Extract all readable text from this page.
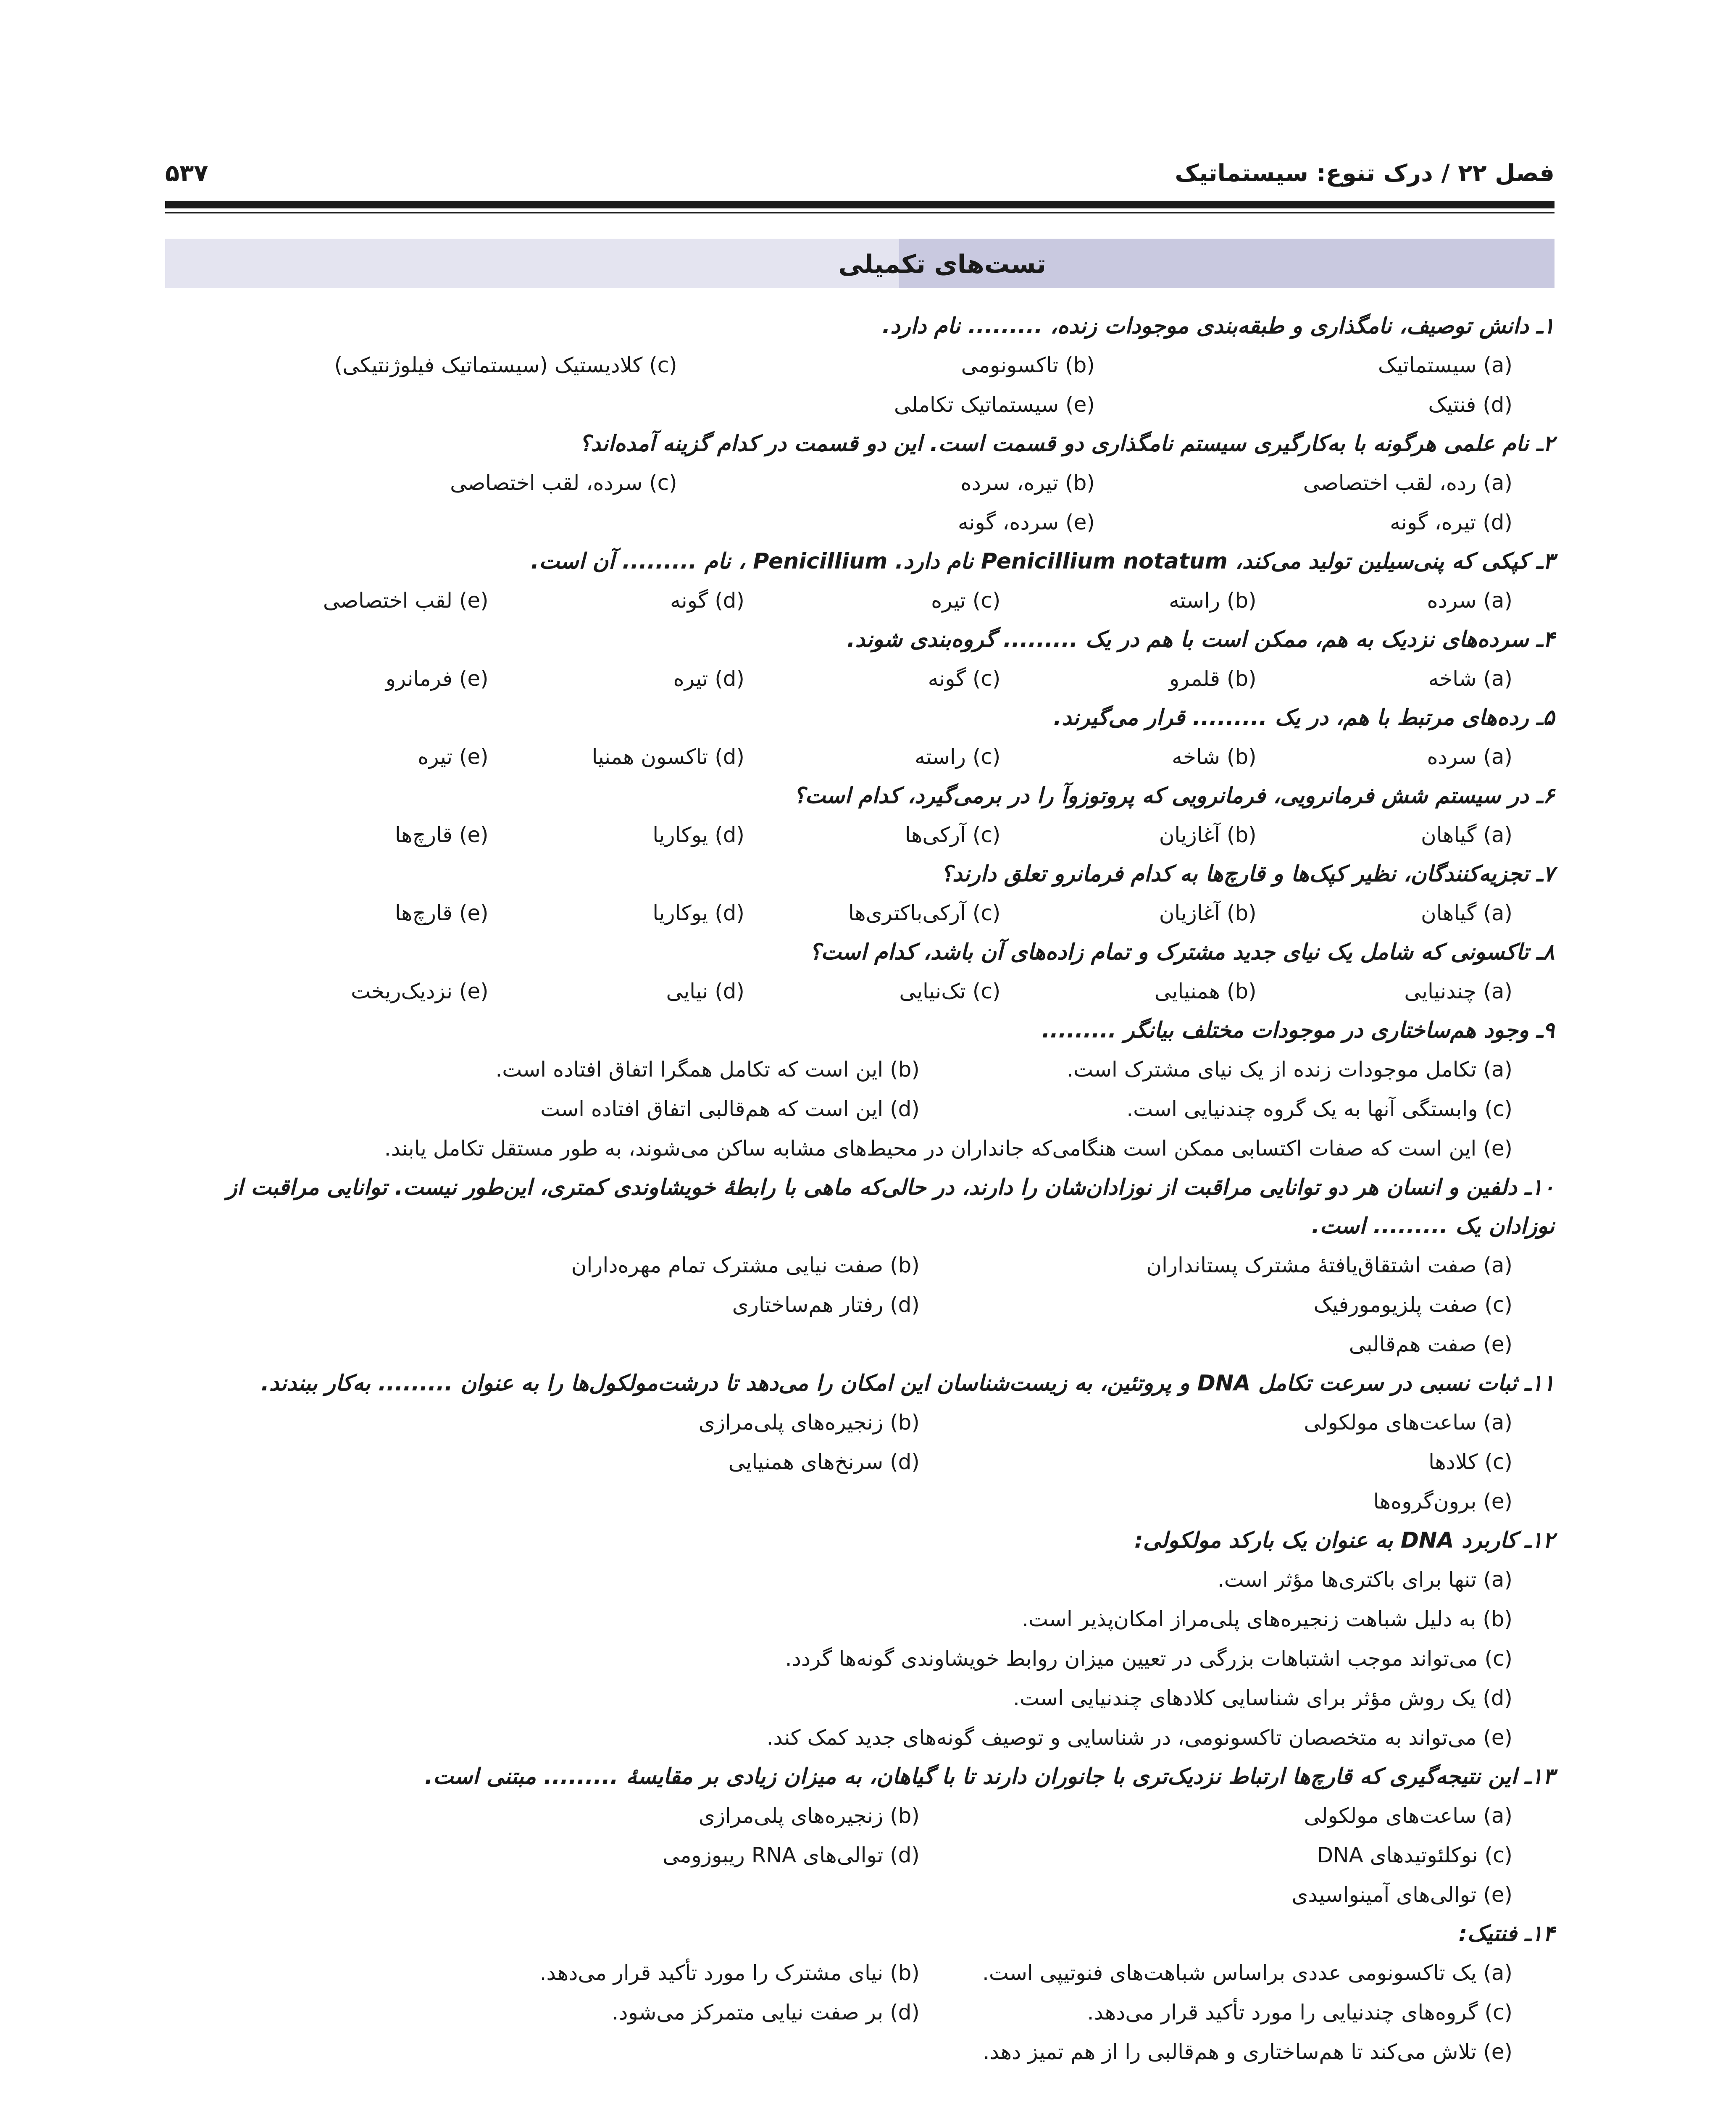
فصل ۲۲ / درک تنوع: سیستماتیک
۵۳۷
تست‌های تکمیلی
۱ـ دانش توصیف، نامگذاری و طبقه‌بندی موجودات زنده، ......... نام دارد.
(a) سیستماتیک
(b) تاکسونومی
(c) کلادیستیک (سیستماتیک فیلوژنتیکی)
(d) فنتیک
(e) سیستماتیک تکاملی
۲ـ نام علمی هرگونه با به‌کارگیری سیستم نامگذاری دو قسمت است. این دو قسمت در کدام گزینه آمده‌اند؟
(a) رده، لقب اختصاصی
(b) تیره، سرده
(c) سرده، لقب اختصاصی
(d) تیره، گونه
(e) سرده، گونه
۳ـ کپکی که پنی‌سیلین تولید می‌کند، Penicillium notatum نام دارد. Penicillium ، نام ......... آن است.
(a) سرده
(b) راسته
(c) تیره
(d) گونه
(e) لقب اختصاصی
۴ـ سرده‌های نزدیک به هم، ممکن است با هم در یک ......... گروه‌بندی شوند.
(a) شاخه
(b) قلمرو
(c) گونه
(d) تیره
(e) فرمانرو
۵ـ رده‌های مرتبط با هم، در یک ......... قرار می‌گیرند.
(a) سرده
(b) شاخه
(c) راسته
(d) تاکسون همنیا
(e) تیره
۶ـ در سیستم شش فرمانرویی، فرمانرویی که پروتوزوآ را در برمی‌گیرد، کدام است؟
(a) گیاهان
(b) آغازیان
(c) آرکی‌ها
(d) یوکاریا
(e) قارچ‌ها
۷ـ تجزیه‌کنندگان، نظیر کپک‌ها و قارچ‌ها به کدام فرمانرو تعلق دارند؟
(a) گیاهان
(b) آغازیان
(c) آرکی‌باکتری‌ها
(d) یوکاریا
(e) قارچ‌ها
۸ـ تاکسونی که شامل یک نیای جدید مشترک و تمام زاده‌های آن باشد، کدام است؟
(a) چندنیایی
(b) همنیایی
(c) تک‌نیایی
(d) نیایی
(e) نزدیک‌ریخت
۹ـ وجود هم‌ساختاری در موجودات مختلف بیانگر .........
(a) تکامل موجودات زنده از یک نیای مشترک است.
(b) این است که تکامل همگرا اتفاق افتاده است.
(c) وابستگی آنها به یک گروه چندنیایی است.
(d) این است که هم‌قالبی اتفاق افتاده است
(e) این است که صفات اکتسابی ممکن است هنگامی‌که جانداران در محیط‌های مشابه ساکن می‌شوند، به طور مستقل تکامل یابند.
۱۰ـ دلفین و انسان هر دو توانایی مراقبت از نوزادان‌شان را دارند، در حالی‌که ماهی با رابطهٔ خویشاوندی کمتری، این‌طور نیست. توانایی مراقبت از نوزادان یک ......... است.
(a) صفت اشتقاق‌یافتهٔ مشترک پستانداران
(b) صفت نیایی مشترک تمام مهره‌داران
(c) صفت پلزیومورفیک
(d) رفتار هم‌ساختاری
(e) صفت هم‌قالبی
۱۱ـ ثبات نسبی در سرعت تکامل DNA و پروتئین، به زیست‌شناسان این امکان را می‌دهد تا درشت‌مولکول‌ها را به عنوان ......... به‌کار ببندند.
(a) ساعت‌های مولکولی
(b) زنجیره‌های پلی‌مرازی
(c) کلادها
(d) سرنخ‌های همنیایی
(e) برون‌گروه‌ها
۱۲ـ کاربرد DNA به عنوان یک بارکد مولکولی:
(a) تنها برای باکتری‌ها مؤثر است.
(b) به دلیل شباهت زنجیره‌های پلی‌مراز امکان‌پذیر است.
(c) می‌تواند موجب اشتباهات بزرگی در تعیین میزان روابط خویشاوندی گونه‌ها گردد.
(d) یک روش مؤثر برای شناسایی کلادهای چندنیایی است.
(e) می‌تواند به متخصصان تاکسونومی، در شناسایی و توصیف گونه‌های جدید کمک کند.
۱۳ـ این نتیجه‌گیری که قارچ‌ها ارتباط نزدیک‌تری با جانوران دارند تا با گیاهان، به میزان زیادی بر مقایسهٔ ......... مبتنی است.
(a) ساعت‌های مولکولی
(b) زنجیره‌های پلی‌مرازی
(c) نوکلئوتیدهای DNA
(d) توالی‌های RNA ریبوزومی
(e) توالی‌های آمینواسیدی
۱۴ـ فنتیک:
(a) یک تاکسونومی عددی براساس شباهت‌های فنوتیپی است.
(b) نیای مشترک را مورد تأکید قرار می‌دهد.
(c) گروه‌های چندنیایی را مورد تأکید قرار می‌دهد.
(d) بر صفت نیایی متمرکز می‌شود.
(e) تلاش می‌کند تا هم‌ساختاری و هم‌قالبی را از هم تمیز دهد.
